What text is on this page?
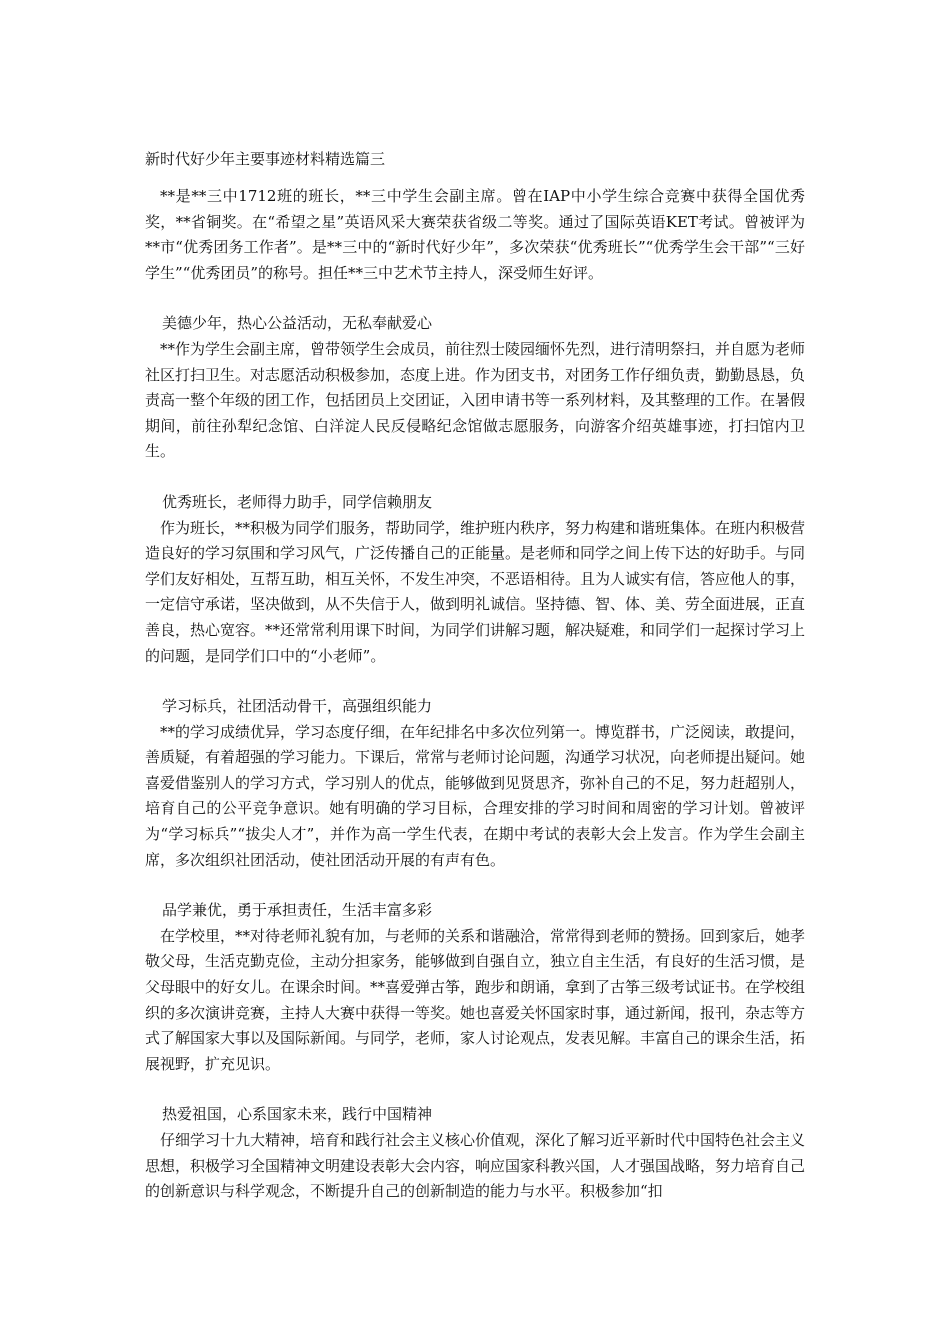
新时代好少年主要事迹材料精选篇三

**是**三中1712班的班长，**三中学生会副主席。曾在IAP中小学生综合竞赛中获得全国优秀奖，**省铜奖。在“希望之星”英语风采大赛荣获省级二等奖。通过了国际英语KET考试。曾被评为**市“优秀团务工作者”。是**三中的“新时代好少年”，多次荣获“优秀班长”“优秀学生会干部”“三好学生”“优秀团员”的称号。担任**三中艺术节主持人，深受师生好评。

美德少年，热心公益活动，无私奉献爱心

**作为学生会副主席，曾带领学生会成员，前往烈士陵园缅怀先烈，进行清明祭扫，并自愿为老师社区打扫卫生。对志愿活动积极参加，态度上进。作为团支书，对团务工作仔细负责，勤勤恳恳，负责高一整个年级的团工作，包括团员上交团证，入团申请书等一系列材料，及其整理的工作。在暑假期间，前往孙犁纪念馆、白洋淀人民反侵略纪念馆做志愿服务，向游客介绍英雄事迹，打扫馆内卫生。

优秀班长，老师得力助手，同学信赖朋友

作为班长，**积极为同学们服务，帮助同学，维护班内秩序，努力构建和谐班集体。在班内积极营造良好的学习氛围和学习风气，广泛传播自己的正能量。是老师和同学之间上传下达的好助手。与同学们友好相处，互帮互助，相互关怀，不发生冲突，不恶语相待。且为人诚实有信，答应他人的事，一定信守承诺，坚决做到，从不失信于人，做到明礼诚信。坚持德、智、体、美、劳全面进展，正直善良，热心宽容。**还常常利用课下时间，为同学们讲解习题，解决疑难，和同学们一起探讨学习上的问题，是同学们口中的“小老师”。

学习标兵，社团活动骨干，高强组织能力

**的学习成绩优异，学习态度仔细，在年纪排名中多次位列第一。博览群书，广泛阅读，敢提问，善质疑，有着超强的学习能力。下课后，常常与老师讨论问题，沟通学习状况，向老师提出疑问。她喜爱借鉴别人的学习方式，学习别人的优点，能够做到见贤思齐，弥补自己的不足，努力赶超别人，培育自己的公平竞争意识。她有明确的学习目标，合理安排的学习时间和周密的学习计划。曾被评为“学习标兵”“拔尖人才”，并作为高一学生代表，在期中考试的表彰大会上发言。作为学生会副主席，多次组织社团活动，使社团活动开展的有声有色。

品学兼优，勇于承担责任，生活丰富多彩

在学校里，**对待老师礼貌有加，与老师的关系和谐融洽，常常得到老师的赞扬。回到家后，她孝敬父母，生活克勤克俭，主动分担家务，能够做到自强自立，独立自主生活，有良好的生活习惯，是父母眼中的好女儿。在课余时间。**喜爱弹古筝，跑步和朗诵，拿到了古筝三级考试证书。在学校组织的多次演讲竞赛，主持人大赛中获得一等奖。她也喜爱关怀国家时事，通过新闻，报刊，杂志等方式了解国家大事以及国际新闻。与同学，老师，家人讨论观点，发表见解。丰富自己的课余生活，拓展视野，扩充见识。

热爱祖国，心系国家未来，践行中国精神

仔细学习十九大精神，培育和践行社会主义核心价值观，深化了解习近平新时代中国特色社会主义思想，积极学习全国精神文明建设表彰大会内容，响应国家科教兴国，人才强国战略，努力培育自己的创新意识与科学观念，不断提升自己的创新制造的能力与水平。积极参加“扣
